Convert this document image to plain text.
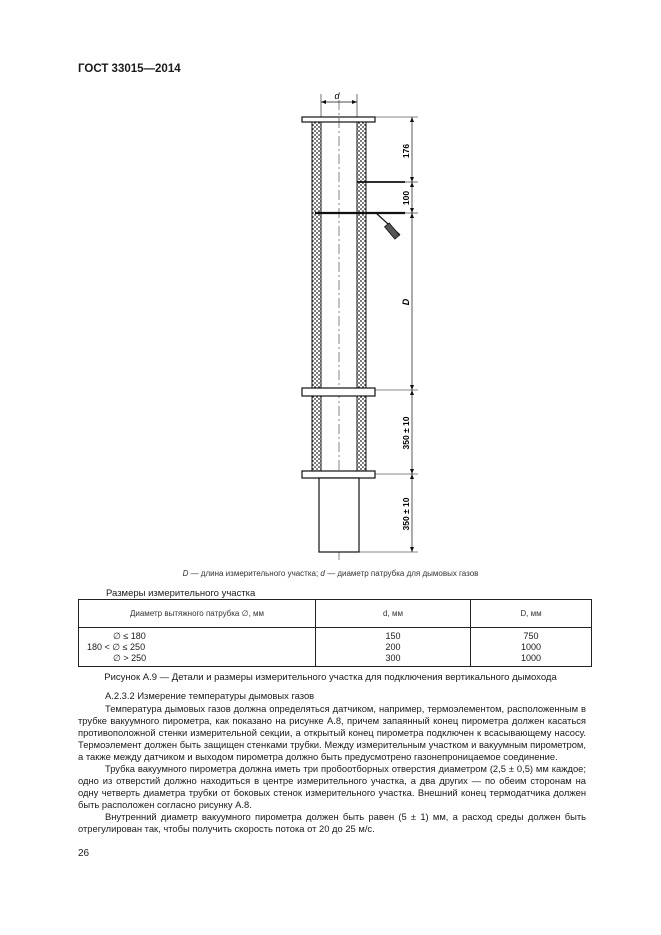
ГОСТ 33015—2014
d
176
100
D
350 ± 10
350 ± 10
D — длина измерительного участка; d — диаметр патрубка для дымовых газов
Размеры измерительного участка
Диаметр вытяжного патрубка ∅, мм	d, мм	D, мм
∅ ≤ 180	150	750
180 < ∅ ≤ 250	200	1000
∅ > 250	300	1000
Рисунок А.9 — Детали и размеры измерительного участка для подключения вертикального дымохода
А.2.3.2 Измерение температуры дымовых газов
Температура дымовых газов должна определяться датчиком, например, термоэлементом, расположенным в трубке вакуумного пирометра, как показано на рисунке А.8, причем запаянный конец пирометра должен касаться противоположной стенки измерительной секции, а открытый конец пирометра подключен к всасывающему насосу. Термоэлемент должен быть защищен стенками трубки. Между измерительным участком и вакуумным пирометром, а также между датчиком и выходом пирометра должно быть предусмотрено газонепроницаемое соединение.
Трубка вакуумного пирометра должна иметь три пробоотборных отверстия диаметром (2,5 ± 0,5) мм каждое; одно из отверстий должно находиться в центре измерительного участка, а два других — по обеим сторонам на одну четверть диаметра трубки от боковых стенок измерительного участка. Внешний конец термодатчика должен быть расположен согласно рисунку А.8.
Внутренний диаметр вакуумного пирометра должен быть равен (5 ± 1) мм, а расход среды должен быть отрегулирован так, чтобы получить скорость потока от 20 до 25 м/с.
26
